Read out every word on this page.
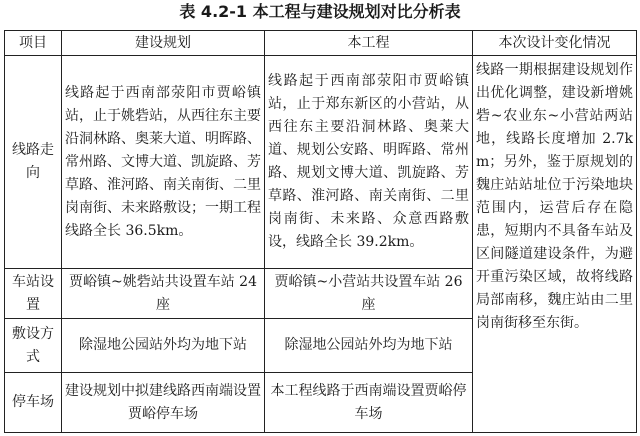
表 4.2-1 本工程与建设规划对比分析表
项目	建设规划	本工程	本次设计变化情况
线路走向	线路起于西南部荥阳市贾峪镇站，止于姚砦站，从西往东主要沿洞林路、奥莱大道、明晖路、常州路、文博大道、凯旋路、芳草路、淮河路、南关南街、二里岗南街、未来路敷设；一期工程线路全长 36.5km。	线路起于西南部荥阳市贾峪镇站，止于郑东新区的小营站，从西往东主要沿洞林路、奥莱大道、规划公安路、明晖路、常州路、规划文博大道、凯旋路、芳草路、淮河路、南关南街、二里岗南街、未来路、众意西路敷设，线路全长 39.2km。	线路一期根据建设规划作出优化调整，建设新增姚砦~农业东~小营站两站地，线路长度增加 2.7km；另外，鉴于原规划的魏庄站站址位于污染地块范围内，运营后存在隐患，短期内不具备车站及区间隧道建设条件，为避开重污染区域，故将线路局部南移，魏庄站由二里岗南街移至东街。
车站设置	贾峪镇~姚砦站共设置车站 24 座	贾峪镇~小营站共设置车站 26 座	
敷设方式	除湿地公园站外均为地下站	除湿地公园站外均为地下站	
停车场	建设规划中拟建线路西南端设置贾峪停车场	本工程线路于西南端设置贾峪停车场	
